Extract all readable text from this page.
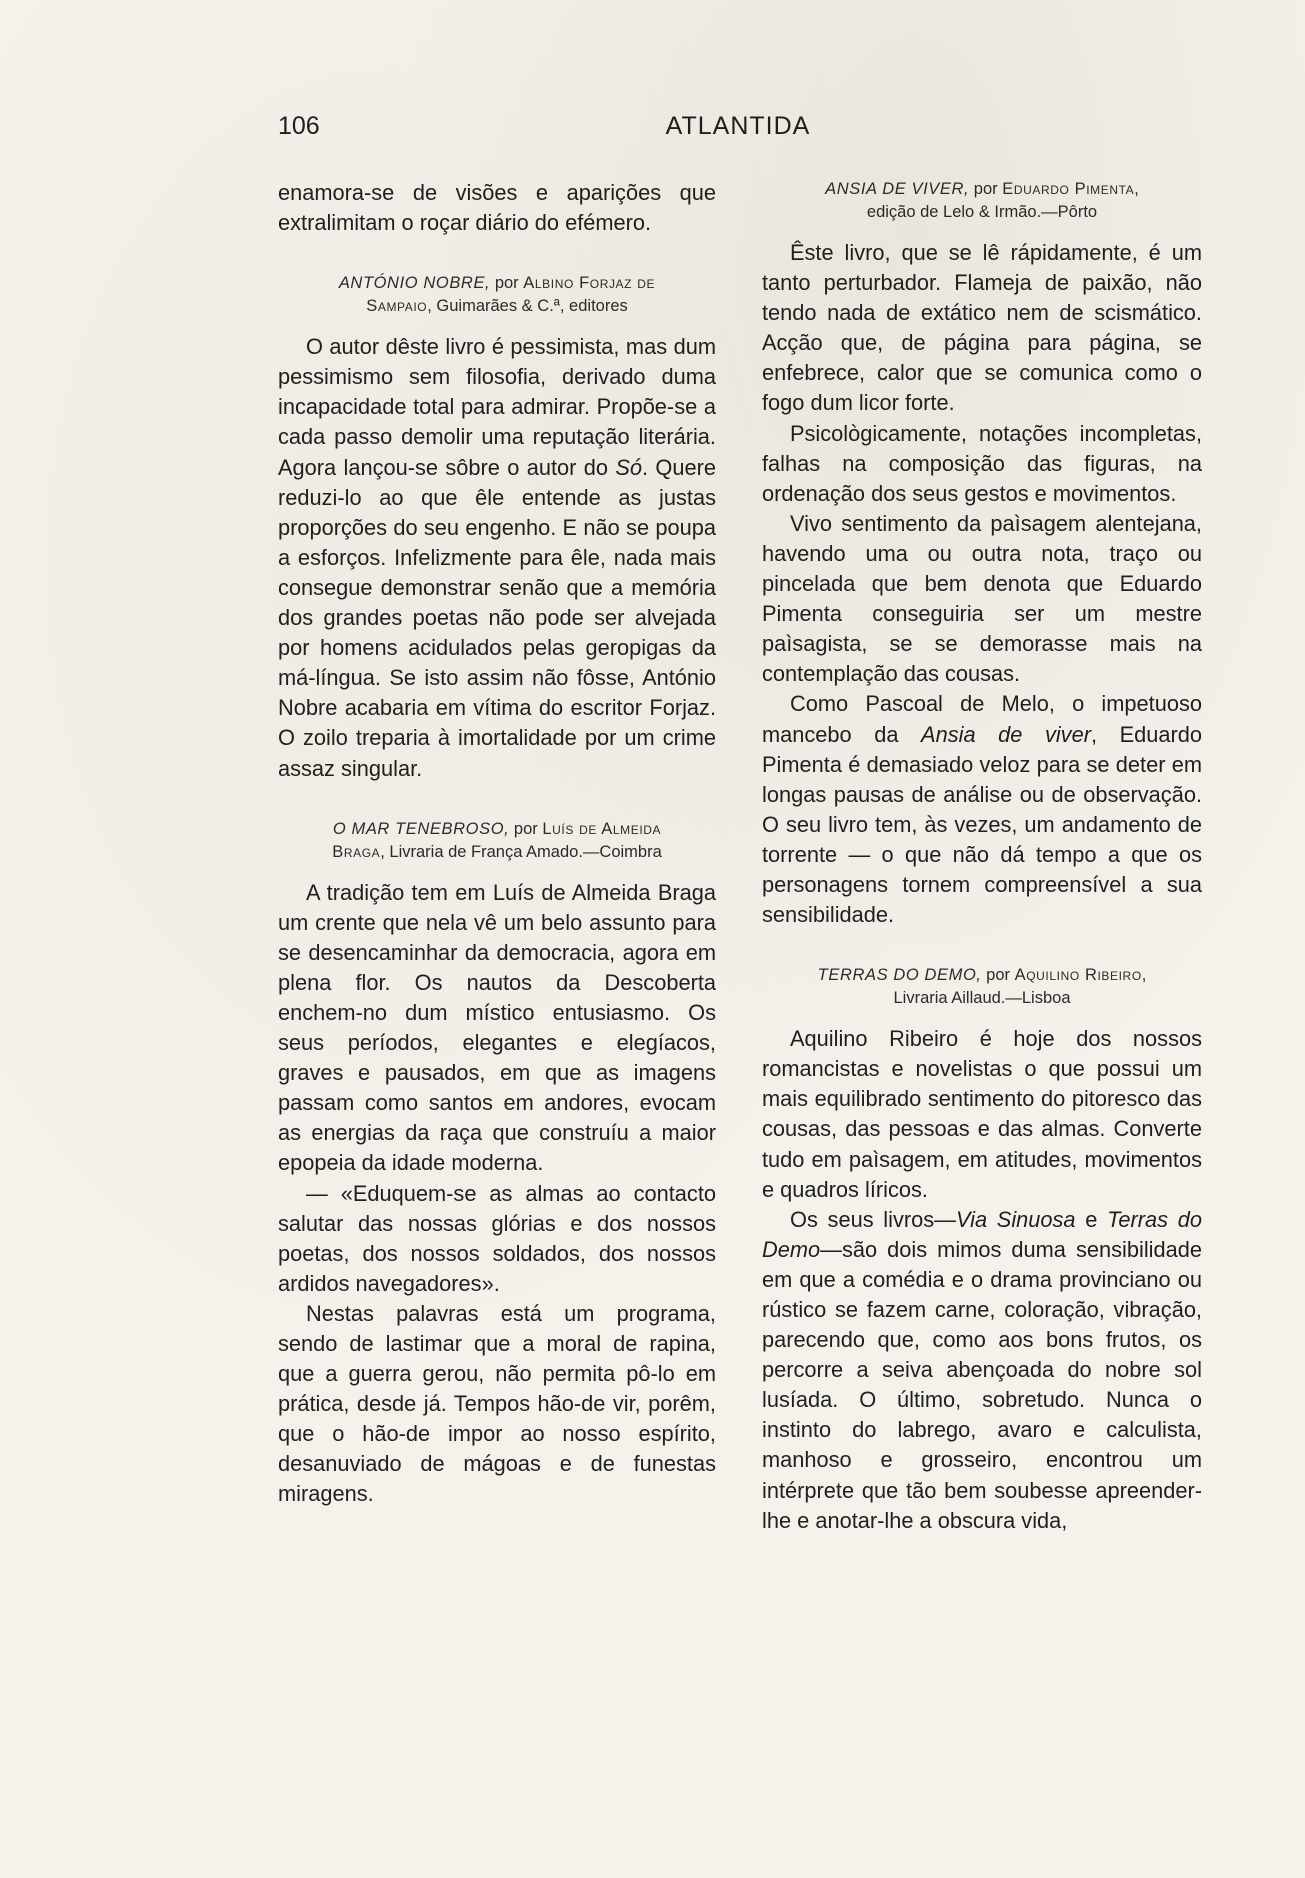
106	ATLANTIDA

enamora-se de visões e aparições que extralimitam o roçar diário do efémero.

ANTÓNIO NOBRE, por Albino Forjaz de

Sampaio, Guimarães & C.ª, editores

O autor dêste livro é pessimista, mas dum pessimismo sem filosofia, derivado duma incapacidade total para admirar. Propõe-se a cada passo demolir uma reputação literária. Agora lançou-se sôbre o autor do Só. Quere reduzi-lo ao que êle entende as justas proporções do seu engenho. E não se poupa a esforços. Infelizmente para êle, nada mais consegue demonstrar senão que a memória dos grandes poetas não pode ser alvejada por homens acidulados pelas geropigas da má-língua. Se isto assim não fôsse, António Nobre acabaria em vítima do escritor Forjaz. O zoilo treparia à imortalidade por um crime assaz singular.

O MAR TENEBROSO, por Luís de Almeida

Braga, Livraria de França Amado.—Coimbra

A tradição tem em Luís de Almeida Braga um crente que nela vê um belo assunto para se desencaminhar da democracia, agora em plena flor. Os nautos da Descoberta enchem-no dum místico entusiasmo. Os seus períodos, elegantes e elegíacos, graves e pausados, em que as imagens passam como santos em andores, evocam as energias da raça que construíu a maior epopeia da idade moderna.

— «Eduquem-se as almas ao contacto salutar das nossas glórias e dos nossos poetas, dos nossos soldados, dos nossos ardidos navegadores».

Nestas palavras está um programa, sendo de lastimar que a moral de rapina, que a guerra gerou, não permita pô-lo em prática, desde já. Tempos hão-de vir, porêm, que o hão-de impor ao nosso espírito, desanuviado de mágoas e de funestas miragens.

ANSIA DE VIVER, por Eduardo Pimenta,

edição de Lelo & Irmão.—Pôrto

Êste livro, que se lê rápidamente, é um tanto perturbador. Flameja de paixão, não tendo nada de extático nem de scismático. Acção que, de página para página, se enfebrece, calor que se comunica como o fogo dum licor forte.

Psicològicamente, notações incompletas, falhas na composição das figuras, na ordenação dos seus gestos e movimentos.

Vivo sentimento da paìsagem alentejana, havendo uma ou outra nota, traço ou pincelada que bem denota que Eduardo Pimenta conseguiria ser um mestre paìsagista, se se demorasse mais na contemplação das cousas.

Como Pascoal de Melo, o impetuoso mancebo da Ansia de viver, Eduardo Pimenta é demasiado veloz para se deter em longas pausas de análise ou de observação. O seu livro tem, às vezes, um andamento de torrente — o que não dá tempo a que os personagens tornem compreensível a sua sensibilidade.

TERRAS DO DEMO, por Aquilino Ribeiro,

Livraria Aillaud.—Lisboa

Aquilino Ribeiro é hoje dos nossos romancistas e novelistas o que possui um mais equilibrado sentimento do pitoresco das cousas, das pessoas e das almas. Converte tudo em paìsagem, em atitudes, movimentos e quadros líricos.

Os seus livros—Via Sinuosa e Terras do Demo—são dois mimos duma sensibilidade em que a comédia e o drama provinciano ou rústico se fazem carne, coloração, vibração, parecendo que, como aos bons frutos, os percorre a seiva abençoada do nobre sol lusíada. O último, sobretudo. Nunca o instinto do labrego, avaro e calculista, manhoso e grosseiro, encontrou um intérprete que tão bem soubesse apreender-lhe e anotar-lhe a obscura vida,
